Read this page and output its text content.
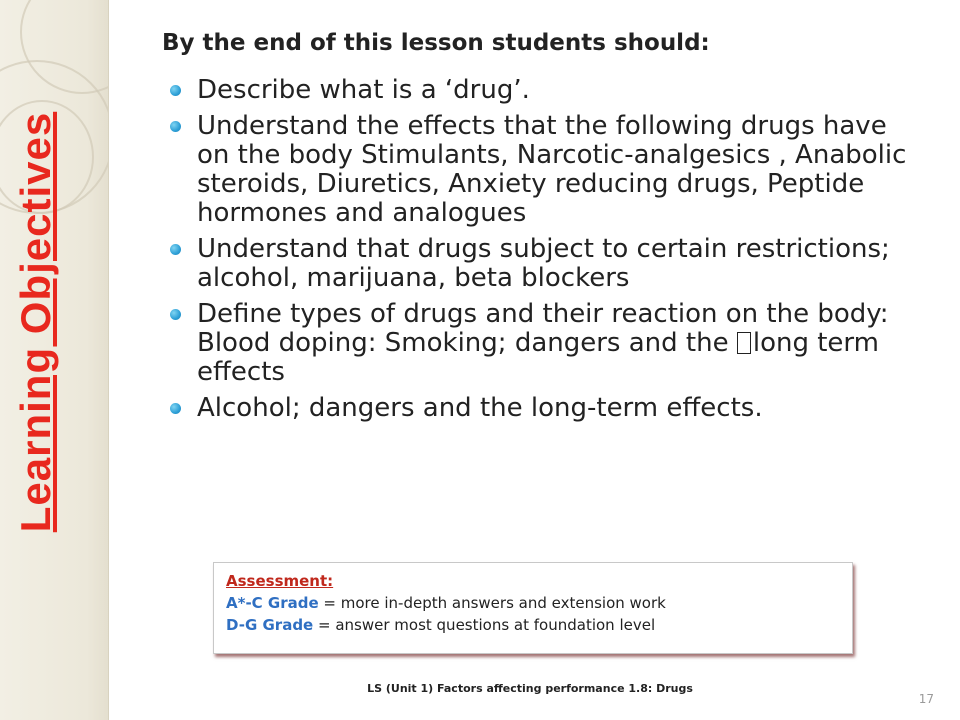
Learning Objectives
By the end of this lesson students should:
Describe what is a ‘drug’.
Understand the effects that the following drugs have on the body Stimulants, Narcotic-analgesics , Anabolic steroids, Diuretics, Anxiety reducing drugs, Peptide hormones and analogues
Understand that drugs subject to certain restrictions; alcohol, marijuana, beta blockers
Define types of drugs and their reaction on the body: Blood doping: Smoking; dangers and the long term effects
Alcohol; dangers and the long-term effects.
Assessment:
A*-C Grade = more in-depth answers and extension work
D-G Grade = answer most questions at foundation level
LS (Unit 1) Factors affecting performance 1.8: Drugs
17
